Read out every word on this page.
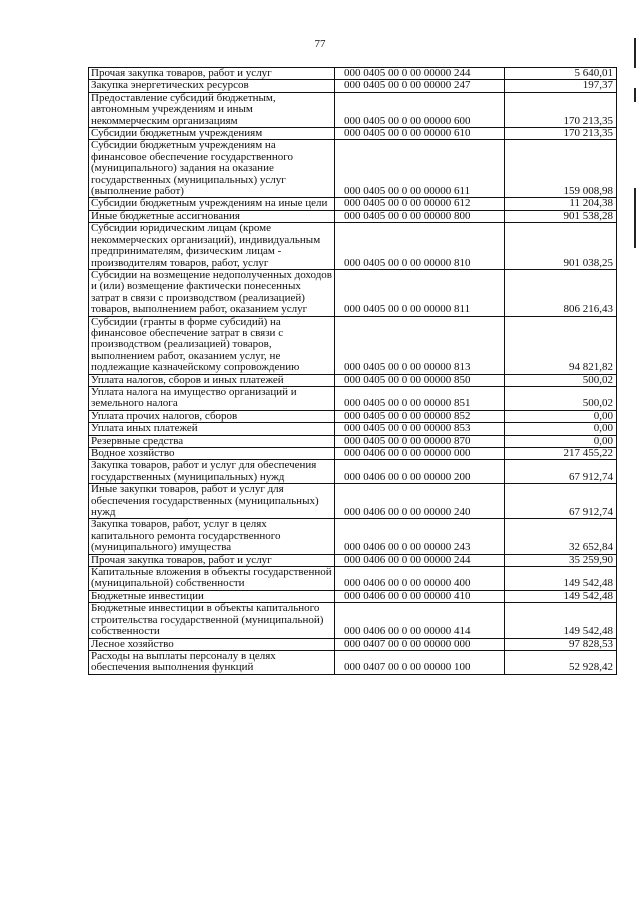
77
Прочая закупка товаров, работ и услуг	000 0405 00 0 00 00000 244	5 640,01
Закупка энергетических ресурсов	000 0405 00 0 00 00000 247	197,37
Предоставление субсидий бюджетным, автономным учреждениям и иным некоммерческим организациям	000 0405 00 0 00 00000 600	170 213,35
Субсидии бюджетным учреждениям	000 0405 00 0 00 00000 610	170 213,35
Субсидии бюджетным учреждениям на финансовое обеспечение государственного (муниципального) задания на оказание государственных (муниципальных) услуг (выполнение работ)	000 0405 00 0 00 00000 611	159 008,98
Субсидии бюджетным учреждениям на иные цели	000 0405 00 0 00 00000 612	11 204,38
Иные бюджетные ассигнования	000 0405 00 0 00 00000 800	901 538,28
Субсидии юридическим лицам (кроме некоммерческих организаций), индивидуальным предпринимателям, физическим лицам - производителям товаров, работ, услуг	000 0405 00 0 00 00000 810	901 038,25
Субсидии на возмещение недополученных доходов и (или) возмещение фактически понесенных затрат в связи с производством (реализацией) товаров, выполнением работ, оказанием услуг	000 0405 00 0 00 00000 811	806 216,43
Субсидии (гранты в форме субсидий) на финансовое обеспечение затрат в связи с производством (реализацией) товаров, выполнением работ, оказанием услуг, не подлежащие казначейскому сопровождению	000 0405 00 0 00 00000 813	94 821,82
Уплата налогов, сборов и иных платежей	000 0405 00 0 00 00000 850	500,02
Уплата налога на имущество организаций и земельного налога	000 0405 00 0 00 00000 851	500,02
Уплата прочих налогов, сборов	000 0405 00 0 00 00000 852	0,00
Уплата иных платежей	000 0405 00 0 00 00000 853	0,00
Резервные средства	000 0405 00 0 00 00000 870	0,00
Водное хозяйство	000 0406 00 0 00 00000 000	217 455,22
Закупка товаров, работ и услуг для обеспечения государственных (муниципальных) нужд	000 0406 00 0 00 00000 200	67 912,74
Иные закупки товаров, работ и услуг для обеспечения государственных (муниципальных) нужд	000 0406 00 0 00 00000 240	67 912,74
Закупка товаров, работ, услуг в целях капитального ремонта государственного (муниципального) имущества	000 0406 00 0 00 00000 243	32 652,84
Прочая закупка товаров, работ и услуг	000 0406 00 0 00 00000 244	35 259,90
Капитальные вложения в объекты государственной (муниципальной) собственности	000 0406 00 0 00 00000 400	149 542,48
Бюджетные инвестиции	000 0406 00 0 00 00000 410	149 542,48
Бюджетные инвестиции в объекты капитального строительства государственной (муниципальной) собственности	000 0406 00 0 00 00000 414	149 542,48
Лесное хозяйство	000 0407 00 0 00 00000 000	97 828,53
Расходы на выплаты персоналу в целях обеспечения выполнения функций	000 0407 00 0 00 00000 100	52 928,42
